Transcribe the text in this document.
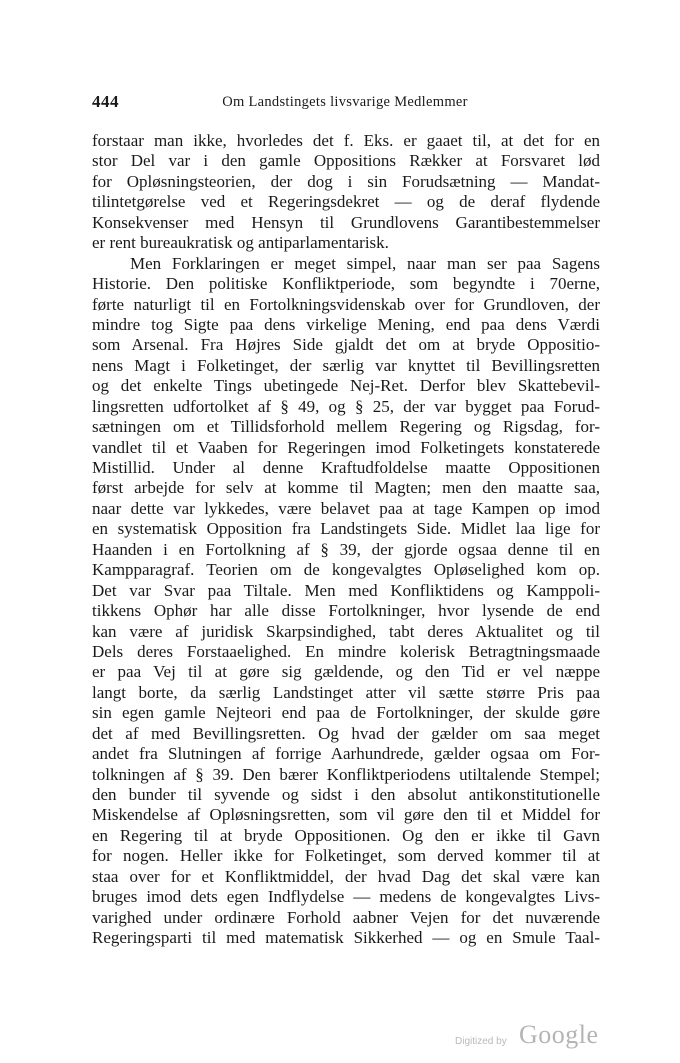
444	Om Landstingets livsvarige Medlemmer
forstaar man ikke, hvorledes det f. Eks. er gaaet til, at det for en
stor Del var i den gamle Oppositions Rækker at Forsvaret lød
for Opløsningsteorien, der dog i sin Forudsætning — Mandat-
tilintetgørelse ved et Regeringsdekret — og de deraf flydende
Konsekvenser med Hensyn til Grundlovens Garantibestemmelser
er rent bureaukratisk og antiparlamentarisk.
Men Forklaringen er meget simpel, naar man ser paa Sagens
Historie. Den politiske Konfliktperiode, som begyndte i 70erne,
førte naturligt til en Fortolkningsvidenskab over for Grundloven, der
mindre tog Sigte paa dens virkelige Mening, end paa dens Værdi
som Arsenal. Fra Højres Side gjaldt det om at bryde Oppositio-
nens Magt i Folketinget, der særlig var knyttet til Bevillingsretten
og det enkelte Tings ubetingede Nej-Ret. Derfor blev Skattebevil-
lingsretten udfortolket af § 49, og § 25, der var bygget paa Forud-
sætningen om et Tillidsforhold mellem Regering og Rigsdag, for-
vandlet til et Vaaben for Regeringen imod Folketingets konstaterede
Mistillid. Under al denne Kraftudfoldelse maatte Oppositionen
først arbejde for selv at komme til Magten; men den maatte saa,
naar dette var lykkedes, være belavet paa at tage Kampen op imod
en systematisk Opposition fra Landstingets Side. Midlet laa lige for
Haanden i en Fortolkning af § 39, der gjorde ogsaa denne til en
Kampparagraf. Teorien om de kongevalgtes Opløselighed kom op.
Det var Svar paa Tiltale. Men med Konfliktidens og Kamppoli-
tikkens Ophør har alle disse Fortolkninger, hvor lysende de end
kan være af juridisk Skarpsindighed, tabt deres Aktualitet og til
Dels deres Forstaaelighed. En mindre kolerisk Betragtningsmaade
er paa Vej til at gøre sig gældende, og den Tid er vel næppe
langt borte, da særlig Landstinget atter vil sætte større Pris paa
sin egen gamle Nejteori end paa de Fortolkninger, der skulde gøre
det af med Bevillingsretten. Og hvad der gælder om saa meget
andet fra Slutningen af forrige Aarhundrede, gælder ogsaa om For-
tolkningen af § 39. Den bærer Konfliktperiodens utiltalende Stempel;
den bunder til syvende og sidst i den absolut antikonstitutionelle
Miskendelse af Opløsningsretten, som vil gøre den til et Middel for
en Regering til at bryde Oppositionen. Og den er ikke til Gavn
for nogen. Heller ikke for Folketinget, som derved kommer til at
staa over for et Konfliktmiddel, der hvad Dag det skal være kan
bruges imod dets egen Indflydelse — medens de kongevalgtes Livs-
varighed under ordinære Forhold aabner Vejen for det nuværende
Regeringsparti til med matematisk Sikkerhed — og en Smule Taal-
Digitized by Google
